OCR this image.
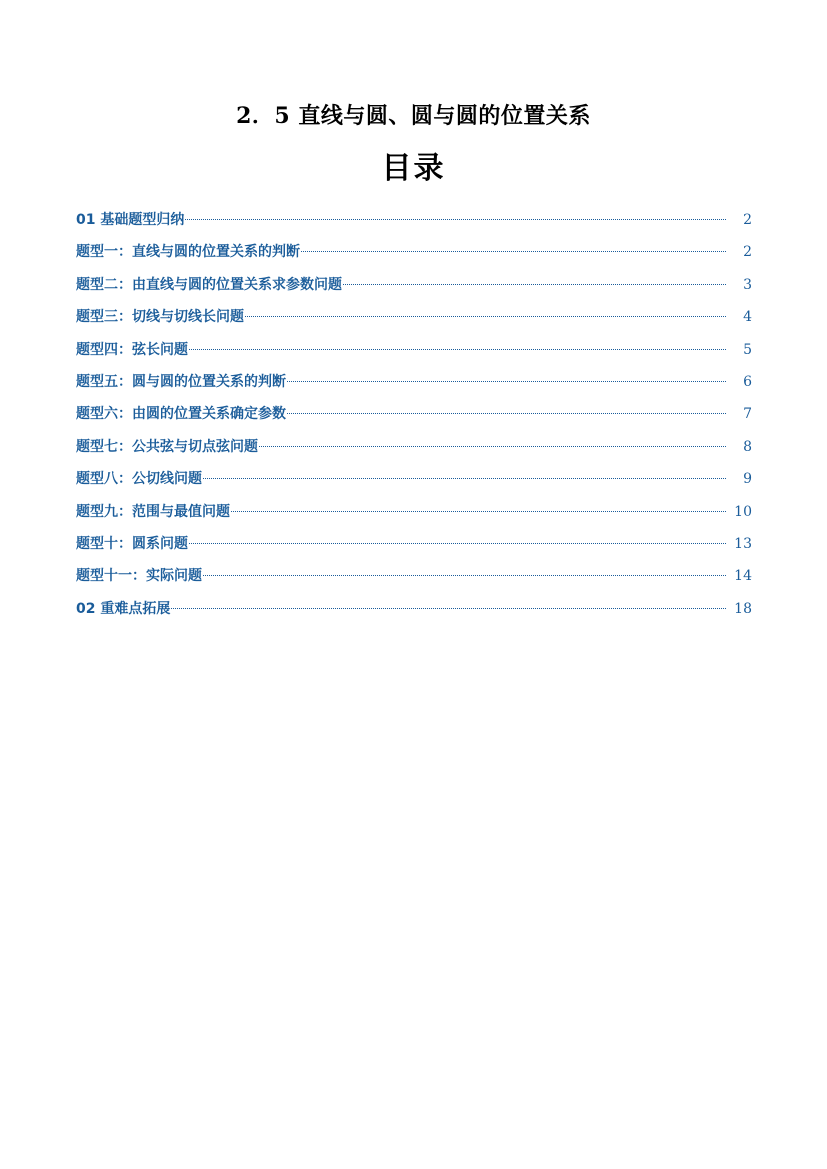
2．5 直线与圆、圆与圆的位置关系
目录
01 基础题型归纳	2
题型一：直线与圆的位置关系的判断	2
题型二：由直线与圆的位置关系求参数问题	3
题型三：切线与切线长问题	4
题型四：弦长问题	5
题型五：圆与圆的位置关系的判断	6
题型六：由圆的位置关系确定参数	7
题型七：公共弦与切点弦问题	8
题型八：公切线问题	9
题型九：范围与最值问题	10
题型十：圆系问题	13
题型十一：实际问题	14
02 重难点拓展	18
